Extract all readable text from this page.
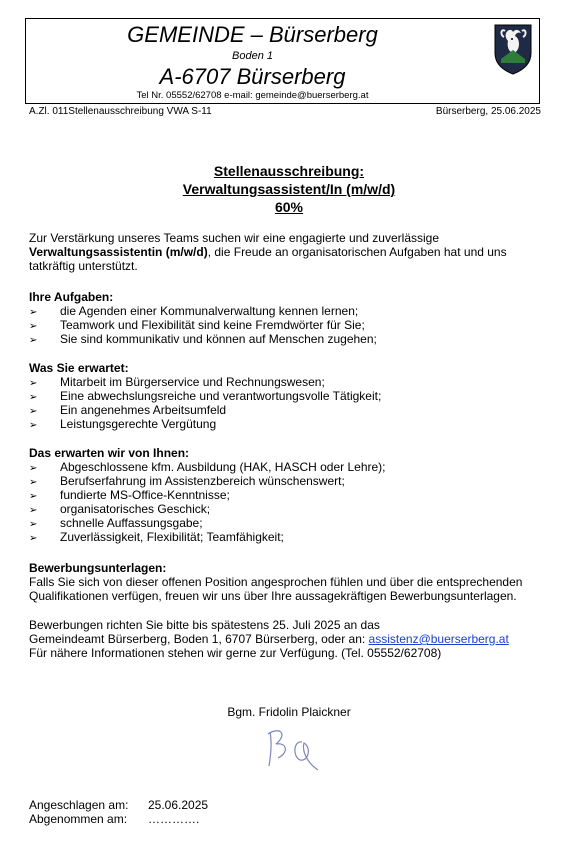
GEMEINDE – Bürserberg
Boden 1
A-6707 Bürserberg
Tel Nr. 05552/62708 e-mail: gemeinde@buerserberg.at
A.Zl. 011Stellenausschreibung VWA S-11	Bürserberg, 25.06.2025
Stellenausschreibung:
Verwaltungsassistent/In (m/w/d)
60%
Zur Verstärkung unseres Teams suchen wir eine engagierte und zuverlässige
Verwaltungsassistentin (m/w/d), die Freude an organisatorischen Aufgaben hat und uns
tatkräftig unterstützt.
Ihre Aufgaben:
➢ die Agenden einer Kommunalverwaltung kennen lernen;
➢ Teamwork und Flexibilität sind keine Fremdwörter für Sie;
➢ Sie sind kommunikativ und können auf Menschen zugehen;
Was Sie erwartet:
➢ Mitarbeit im Bürgerservice und Rechnungswesen;
➢ Eine abwechslungsreiche und verantwortungsvolle Tätigkeit;
➢ Ein angenehmes Arbeitsumfeld
➢ Leistungsgerechte Vergütung
Das erwarten wir von Ihnen:
➢ Abgeschlossene kfm. Ausbildung (HAK, HASCH oder Lehre);
➢ Berufserfahrung im Assistenzbereich wünschenswert;
➢ fundierte MS-Office-Kenntnisse;
➢ organisatorisches Geschick;
➢ schnelle Auffassungsgabe;
➢ Zuverlässigkeit, Flexibilität; Teamfähigkeit;
Bewerbungsunterlagen:
Falls Sie sich von dieser offenen Position angesprochen fühlen und über die entsprechenden
Qualifikationen verfügen, freuen wir uns über Ihre aussagekräftigen Bewerbungsunterlagen.
Bewerbungen richten Sie bitte bis spätestens 25. Juli 2025 an das
Gemeindeamt Bürserberg, Boden 1, 6707 Bürserberg, oder an: assistenz@buerserberg.at
Für nähere Informationen stehen wir gerne zur Verfügung. (Tel. 05552/62708)
Bgm. Fridolin Plaickner
Angeschlagen am: 25.06.2025
Abgenommen am: ………….
